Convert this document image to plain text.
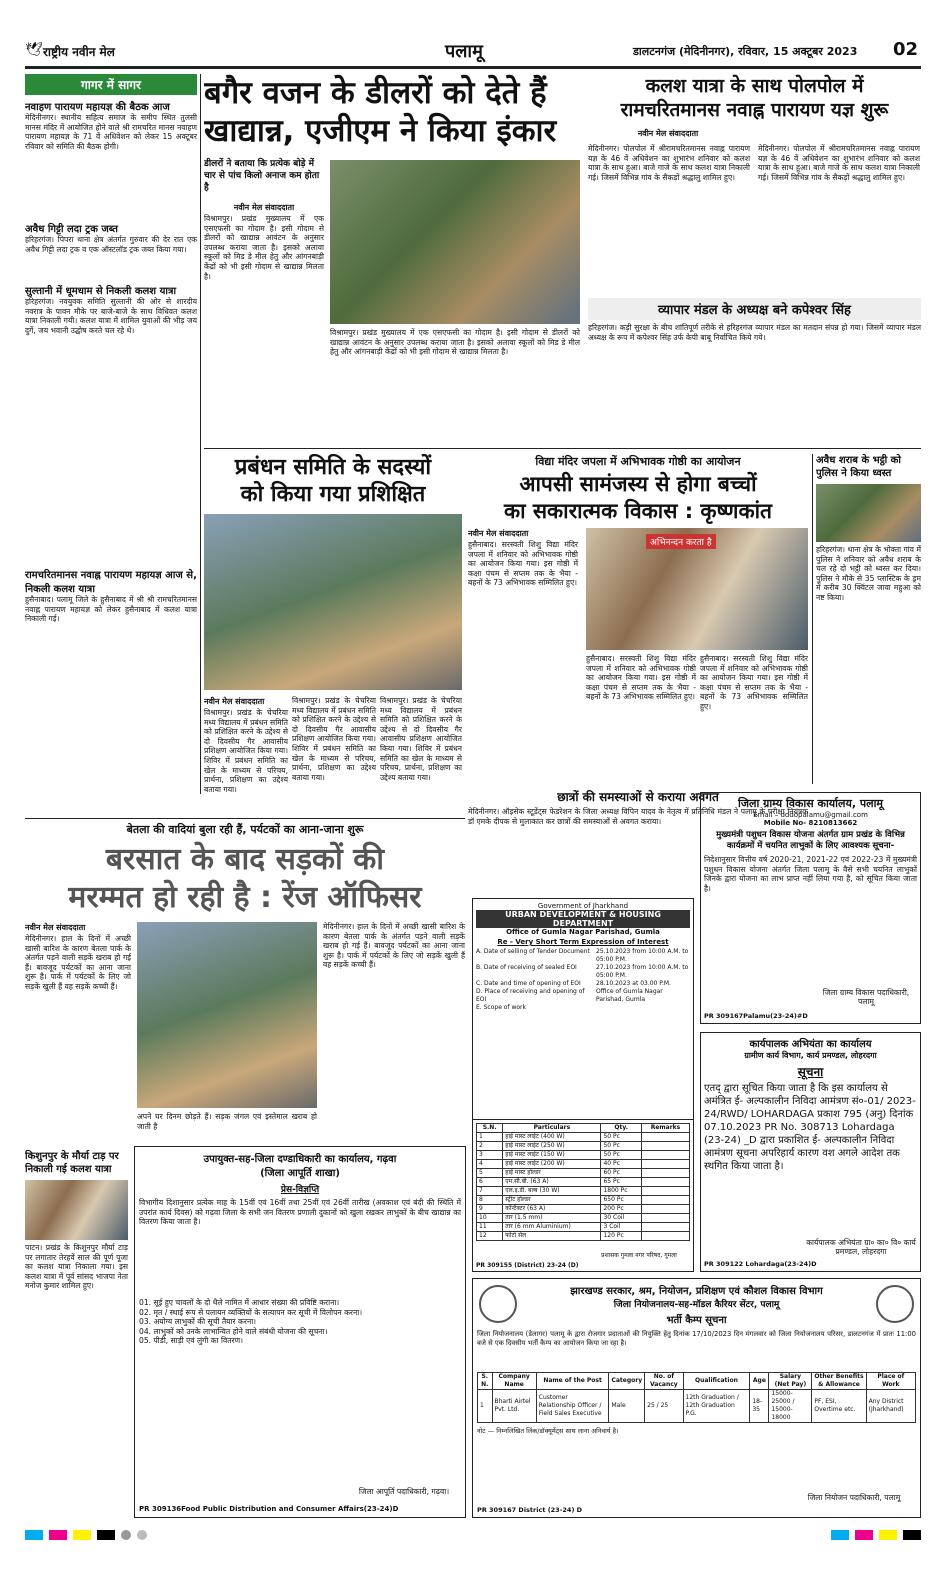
🕊 राष्ट्रीय नवीन मेल	पलामू	डालटनगंज (मेदिनीनगर), रविवार, 15 अक्टूबर 2023 02
गागर में सागर
नवाहण पारायण महायज्ञ की बैठक आज
मेदिनीनगर। स्थानीय सहित्य समाज के समीप स्थित तुलसी मानस मंदिर में आयोजित होने वाले श्री रामचरित मानस नवाहण पारायण महायज्ञ के 71 वें अधिवेशन को लेकर 15 अक्टूबर रविवार को समिति की बैठक होगी।
अवैध गिट्टी लदा ट्रक जब्त
हरिहरगंज। पिपरा थाना क्षेत्र अंतर्गत गुरुवार की देर रात एक अवैध गिट्टी लदा ट्रक व एक ऑस्टलॉड ट्रक जब्त किया गया।
सुल्तानी में धूमधाम से निकली कलश यात्रा
हरिहरगंज। नवयुवक समिति सुल्तानी की ओर से शारदीय नवरात्र के पावन मौके पर बाजे-बाजे के साथ विधिवत कलश यात्रा निकाली गयी। कलश यात्रा में शामिल युवाओं की भीड़ जय दुर्गे, जय भवानी उद्घोष करते चल रहे थे।
रामचरितमानस नवाह्न पारायण महायज्ञ आज से, निकली कलश यात्रा
हुसैनाबाद। पलामू जिले के हुसैनाबाद में श्री श्री रामचरितमानस नवाह्न पारायण महायज्ञ को लेकर हुसैनाबाद में कलश यात्रा निकाली गई।
बगैर वजन के डीलरों को देते हैं
खाद्यान्न, एजीएम ने किया इंकार
डीलरों ने बताया कि प्रत्येक बोड़े में चार से पांच किलो अनाज कम होता है
नवीन मेल संवाददाता
विश्रामपुर। प्रखंड मुख्यालय में एक एसएफसी का गोदाम है। इसी गोदाम से डीलरों को खाद्यान्न आवंटन के अनुसार उपलब्ध कराया जाता है। इसको अलावा स्कूलों को मिड डे मील हेतु और आंगनबाड़ी केंद्रों को भी इसी गोदाम से खाद्यान्न मिलता है।
विश्रामपुर। प्रखंड मुख्यालय में एक एसएफसी का गोदाम है। इसी गोदाम से डीलरों को खाद्यान्न आवंटन के अनुसार उपलब्ध कराया जाता है। इसको अलावा स्कूलों को मिड डे मील हेतु और आंगनबाड़ी केंद्रों को भी इसी गोदाम से खाद्यान्न मिलता है।
कलश यात्रा के साथ पोलपोल में
रामचरितमानस नवाह्न पारायण यज्ञ शुरू
नवीन मेल संवाददाता
मेदिनीनगर। पोलपोल में श्रीरामचरितमानस नवाह्न पारायण यज्ञ के 46 वें अधिवेशन का शुभारंभ शनिवार को कलश यात्रा के साथ हुआ। बाजे गाजे के साथ कलश यात्रा निकाली गई। जिसमें विभिन्न गांव के सैकड़ों श्रद्धालु शामिल हुए।
मेदिनीनगर। पोलपोल में श्रीरामचरितमानस नवाह्न पारायण यज्ञ के 46 वें अधिवेशन का शुभारंभ शनिवार को कलश यात्रा के साथ हुआ। बाजे गाजे के साथ कलश यात्रा निकाली गई। जिसमें विभिन्न गांव के सैकड़ों श्रद्धालु शामिल हुए।
व्यापार मंडल के अध्यक्ष बने कपेश्वर सिंह
हरिहरगंज। कड़ी सुरक्षा के बीच शांतिपूर्ण तरीके से हरिहरगंज व्यापार मंडल का मतदान संपन्न हो गया। जिसमें व्यापार मंडल अध्यक्ष के रूप में कपेश्वर सिंह उर्फ केपी बाबू निर्वाचित किये गये।
प्रबंधन समिति के सदस्यों
को किया गया प्रशिक्षित
नवीन मेल संवाददाता
विश्रामपुर। प्रखंड के चेचरिया मध्य विद्यालय में प्रबंधन समिति को प्रशिक्षित करने के उद्देश्य से दो दिवसीय गैर आवासीय प्रशिक्षण आयोजित किया गया। शिविर में प्रबंधन समिति का खेल के माध्यम से परिचय, प्रार्थना, प्रशिक्षण का उद्देश्य बताया गया।
विश्रामपुर। प्रखंड के चेचरिया मध्य विद्यालय में प्रबंधन समिति को प्रशिक्षित करने के उद्देश्य से दो दिवसीय गैर आवासीय प्रशिक्षण आयोजित किया गया। शिविर में प्रबंधन समिति का खेल के माध्यम से परिचय, प्रार्थना, प्रशिक्षण का उद्देश्य बताया गया।
विश्रामपुर। प्रखंड के चेचरिया मध्य विद्यालय में प्रबंधन समिति को प्रशिक्षित करने के उद्देश्य से दो दिवसीय गैर आवासीय प्रशिक्षण आयोजित किया गया। शिविर में प्रबंधन समिति का खेल के माध्यम से परिचय, प्रार्थना, प्रशिक्षण का उद्देश्य बताया गया।
विद्या मंदिर जपला में अभिभावक गोष्ठी का आयोजन
आपसी सामंजस्य से होगा बच्चों
का सकारात्मक विकास : कृष्णकांत
नवीन मेल संवाददाता
हुसैनाबाद। सरस्वती शिशु विद्या मंदिर जपला में शनिवार को अभिभावक गोष्ठी का आयोजन किया गया। इस गोष्ठी में कक्षा पंचम से सप्तम तक के भैया - बहनों के 73 अभिभावक सम्मिलित हुए।
अभिनन्दन करता है
हुसैनाबाद। सरस्वती शिशु विद्या मंदिर जपला में शनिवार को अभिभावक गोष्ठी का आयोजन किया गया। इस गोष्ठी में कक्षा पंचम से सप्तम तक के भैया - बहनों के 73 अभिभावक सम्मिलित हुए।
हुसैनाबाद। सरस्वती शिशु विद्या मंदिर जपला में शनिवार को अभिभावक गोष्ठी का आयोजन किया गया। इस गोष्ठी में कक्षा पंचम से सप्तम तक के भैया - बहनों के 73 अभिभावक सम्मिलित हुए।
छात्रों की समस्याओं से कराया अवगत
मेदिनीनगर। ऑइसेक स्टूडेंट्स फेडरेशन के जिला अध्यक्ष विपिन यादव के नेतृत्व में प्रतिनिधि मंडल ने पलामू के परीक्षा नियंत्रक डॉ एमके दीपक से मुलाकात कर छात्रों की समस्याओं से अवगत कराया।
अवैध शराब के भट्ठी को पुलिस ने किया ध्वस्त
हरिहरगंज। थाना क्षेत्र के भोक्ता गांव में पुलिस ने शनिवार को अवैध शराब के चल रहे दो भट्ठी को ध्वस्त कर दिया। पुलिस ने मौके से 35 प्लास्टिक के ड्रम में करीब 30 क्विंटल जावा महुआ को नष्ट किया।
बेतला की वादियां बुला रही हैं, पर्यटकों का आना-जाना शुरू
बरसात के बाद सड़कों की
मरम्मत हो रही है : रेंज ऑफिसर
नवीन मेल संवाददाता
मेदिनीनगर। हाल के दिनों में अच्छी खासी बारिश के कारण बेतला पार्क के अंतर्गत पड़ने वाली सड़कें खराब हो गई हैं। बावजूद पर्यटकों का आना जाना शुरू है। पार्क में पर्यटकों के लिए जो सड़कें खुली हैं वह सड़कें कच्ची हैं।
अपने घर दिनम छोड़ते हैं। सड़क जंगल एवं इस्तेमाल खराब हो जाती है
मेदिनीनगर। हाल के दिनों में अच्छी खासी बारिश के कारण बेतला पार्क के अंतर्गत पड़ने वाली सड़कें खराब हो गई हैं। बावजूद पर्यटकों का आना जाना शुरू है। पार्क में पर्यटकों के लिए जो सड़कें खुली हैं वह सड़कें कच्ची हैं।
किशुनपुर के मौर्या टाड़ पर निकाली गई कलश यात्रा
पाटन। प्रखंड के किशुनपुर मौर्या टाड़ पर लगातार तेरहवें साल की पूर्ण पूजा का कलश यात्रा निकाला गया। इस कलश यात्रा में पूर्व सांसद भाजपा नेता मनोज कुमार शामिल हुए।
उपायुक्त-सह-जिला दण्डाधिकारी का कार्यालय, गढ़वा
(जिला आपूर्ति शाखा)
प्रेस-विज्ञप्ति
विभागीय दिशानुसार प्रत्येक माह के 15वीं एवं 16वीं तथा 25वीं एवं 26वीं तारीख (अवकाश एवं बंदी की स्थिति में उपरांत कार्य दिवस) को गढ़वा जिला के सभी जन वितरण प्रणाली दुकानों को खुला रखकर लाभुकों के बीच खाद्यान्न का वितरण किया जाता है।
01. सूई हुए चावलों के दो थैले नामित में आधार संख्या की प्रविष्टि कराना।
02. मृत / स्थाई रूप से पलायन व्यक्तियों के सत्यापन कर सूची में विलोपन करना।
03. अयोग्य लाभुकों की सूची तैयार करना।
04. लाभुकों को उनके लाभान्वित होने वाले संबंधी योजना की सूचना।
05. पीडी, साड़ी एवं लुंगी का वितरण।
जिला आपूर्ति पदाधिकारी, गढ़वा।
PR 309136Food Public Distribution and Consumer Affairs(23-24)D
Government of Jharkhand
URBAN DEVELOPMENT & HOUSING DEPARTMENT
Office of Gumla Nagar Parishad, Gumla
Re - Very Short Term Expression of Interest
A. Date of selling of Tender Document	25.10.2023 from 10:00 A.M. to 05:00 P.M.
B. Date of receiving of sealed EOI	27.10.2023 from 10:00 A.M. to 05:00 P.M.
C. Date and time of opening of EOI	28.10.2023 at 03.00 P.M.
D. Place of receiving and opening of EOI
Office of Gumla Nagar Parishad, Gumla
E. Scope of work
S.N.	Particulars	Qty.	Remarks
1	हाई मास्ट लाईट (400 W)	50 Pc	
2	हाई मास्ट लाईट (250 W)	50 Pc	
3	हाई मास्ट लाईट (150 W)	50 Pc	
4	हाई मास्ट लाईट (200 W)	40 Pc	
5	हाई मास्ट होल्डर	60 Pc	
6	एम.सी.बी. (63 A)	65 Pc	
7	एल.इ.डी. बल्ब (30 W)	1800 Pc	
8	स्ट्रीट होल्डर	650 Pc	
9	कॉन्टैक्टर (63 A)	200 Pc	
10	तार (1.5 mm)	30 Coil	
11	तार (6 mm Aluminium)	3 Coil	
12	फोटो सेल	120 Pc	
प्रशासक गुमला नगर परिषद, गुमला
PR 309155 (District) 23-24 (D)
जिला ग्राम्य विकास कार्यालय, पलामू
Email – dddopalamu@gmail.com
Mobile No- 8210813662
मुख्यमंत्री पशुधन विकास योजना अंतर्गत ग्राम प्रखंड के विभिन्न कार्यक्रमों में चयनित लाभुकों के लिए आवश्यक सूचना-
निदेशानुसार वित्तीय वर्ष 2020-21, 2021-22 एवं 2022-23 में मुख्यमंत्री पशुधन विकास योजना अंतर्गत जिला पलामू के वैसे सभी चयनित लाभुकों जिनके द्वारा योजना का लाभ प्राप्त नहीं लिया गया है, को सूचित किया जाता है।
जिला ग्राम्य विकास पदाधिकारी, पलामू
PR 309167Palamu(23-24)#D
कार्यपालक अभियंता का कार्यालय
ग्रामीण कार्य विभाग, कार्य प्रमण्डल, लोहरदगा
सूचना
एतद् द्वारा सूचित किया जाता है कि इस कार्यालय से अमंत्रित ई- अल्पकालीन निविदा आमंत्रण सं०-01/ 2023-24/RWD/ LOHARDAGA प्रकाश 795 (अनु) दिनांक 07.10.2023 PR No. 308713 Lohardaga (23-24) _D द्वारा प्रकाशित ई- अल्पकालीन निविदा आमंत्रण सूचना अपरिहार्य कारण वश अगले आदेश तक स्थगित किया जाता है।
कार्यपालक अभियंता ग्रा० का० वि० कार्य प्रमण्डल, लोहरदगा
PR 309122 Lohardaga(23-24)D
झारखण्ड सरकार, श्रम, नियोजन, प्रशिक्षण एवं कौशल विकास विभाग
जिला नियोजनालय-सह-मॉडल कैरियर सेंटर, पलामू
भर्ती कैम्प सूचना
जिला नियोजनालय (डेलागर) पलामू के द्वारा रोजगार प्रदाताओं की नियुक्ति हेतु दिनांक 17/10/2023 दिन मंगलवार को जिला नियोजनालय परिसर, डालटनगंज में प्रातः 11:00 बजे से एक दिवसीय भर्ती कैम्प का आयोजन किया जा रहा है।
S. N.	Company Name	Name of the Post	Category	No. of Vacancy	Qualification	Age	Salary (Net Pay)	Other Benefits & Allowance	Place of Work
1	Bharti Airtel Pvt. Ltd.	Customer Relationship Officer / Field Sales Executive	Male	25 / 25	12th Graduation / 12th Graduation P.G.	18-35	15000-25000 / 15000-18000	PF, ESI, Overtime etc.	Any District (Jharkhand)
नोट — निम्नलिखित लिंक/डॉक्यूमेंट्स साथ लाना अनिवार्य है।
जिला नियोजन पदाधिकारी, पलामू
PR 309167 District (23-24) D
